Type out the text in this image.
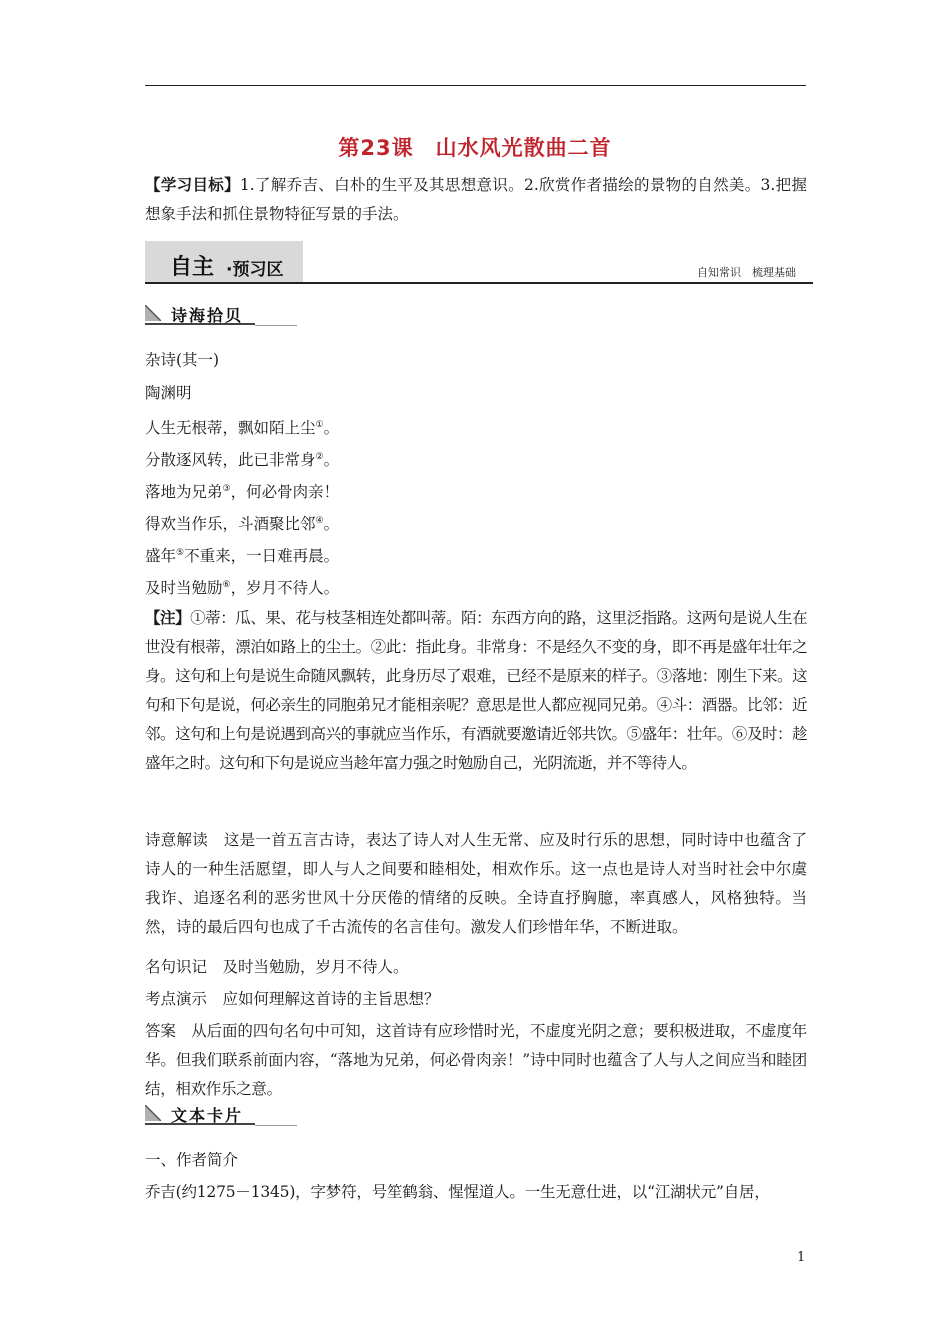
第23课　山水风光散曲二首
【学习目标】1.了解乔吉、白朴的生平及其思想意识。2.欣赏作者描绘的景物的自然美。3.把握想象手法和抓住景物特征写景的手法。
自主 ·预习区	自知常识　梳理基础
诗海拾贝
杂诗(其一)
陶渊明
人生无根蒂，飘如陌上尘①。
分散逐风转，此已非常身②。
落地为兄弟③，何必骨肉亲！
得欢当作乐，斗酒聚比邻④。
盛年⑤不重来，一日难再晨。
及时当勉励⑥，岁月不待人。
【注】①蒂：瓜、果、花与枝茎相连处都叫蒂。陌：东西方向的路，这里泛指路。这两句是说人生在世没有根蒂，漂泊如路上的尘土。②此：指此身。非常身：不是经久不变的身，即不再是盛年壮年之身。这句和上句是说生命随风飘转，此身历尽了艰难，已经不是原来的样子。③落地：刚生下来。这句和下句是说，何必亲生的同胞弟兄才能相亲呢？意思是世人都应视同兄弟。④斗：酒器。比邻：近邻。这句和上句是说遇到高兴的事就应当作乐，有酒就要邀请近邻共饮。⑤盛年：壮年。⑥及时：趁盛年之时。这句和下句是说应当趁年富力强之时勉励自己，光阴流逝，并不等待人。
诗意解读　 这是一首五言古诗，表达了诗人对人生无常、应及时行乐的思想，同时诗中也蕴含了诗人的一种生活愿望，即人与人之间要和睦相处，相欢作乐。这一点也是诗人对当时社会中尔虞我诈、追逐名利的恶劣世风十分厌倦的情绪的反映。全诗直抒胸臆，率真感人，风格独特。当然，诗的最后四句也成了千古流传的名言佳句。激发人们珍惜年华，不断进取。
名句识记　 及时当勉励，岁月不待人。
考点演示　 应如何理解这首诗的主旨思想？
答案　 从后面的四句名句中可知，这首诗有应珍惜时光，不虚度光阴之意；要积极进取，不虚度年华。但我们联系前面内容，“落地为兄弟，何必骨肉亲！”诗中同时也蕴含了人与人之间应当和睦团结，相欢作乐之意。
文本卡片
一、作者简介
乔吉(约1275－1345)，字梦符，号笙鹤翁、惺惺道人。一生无意仕进，以“江湖状元”自居，
1
